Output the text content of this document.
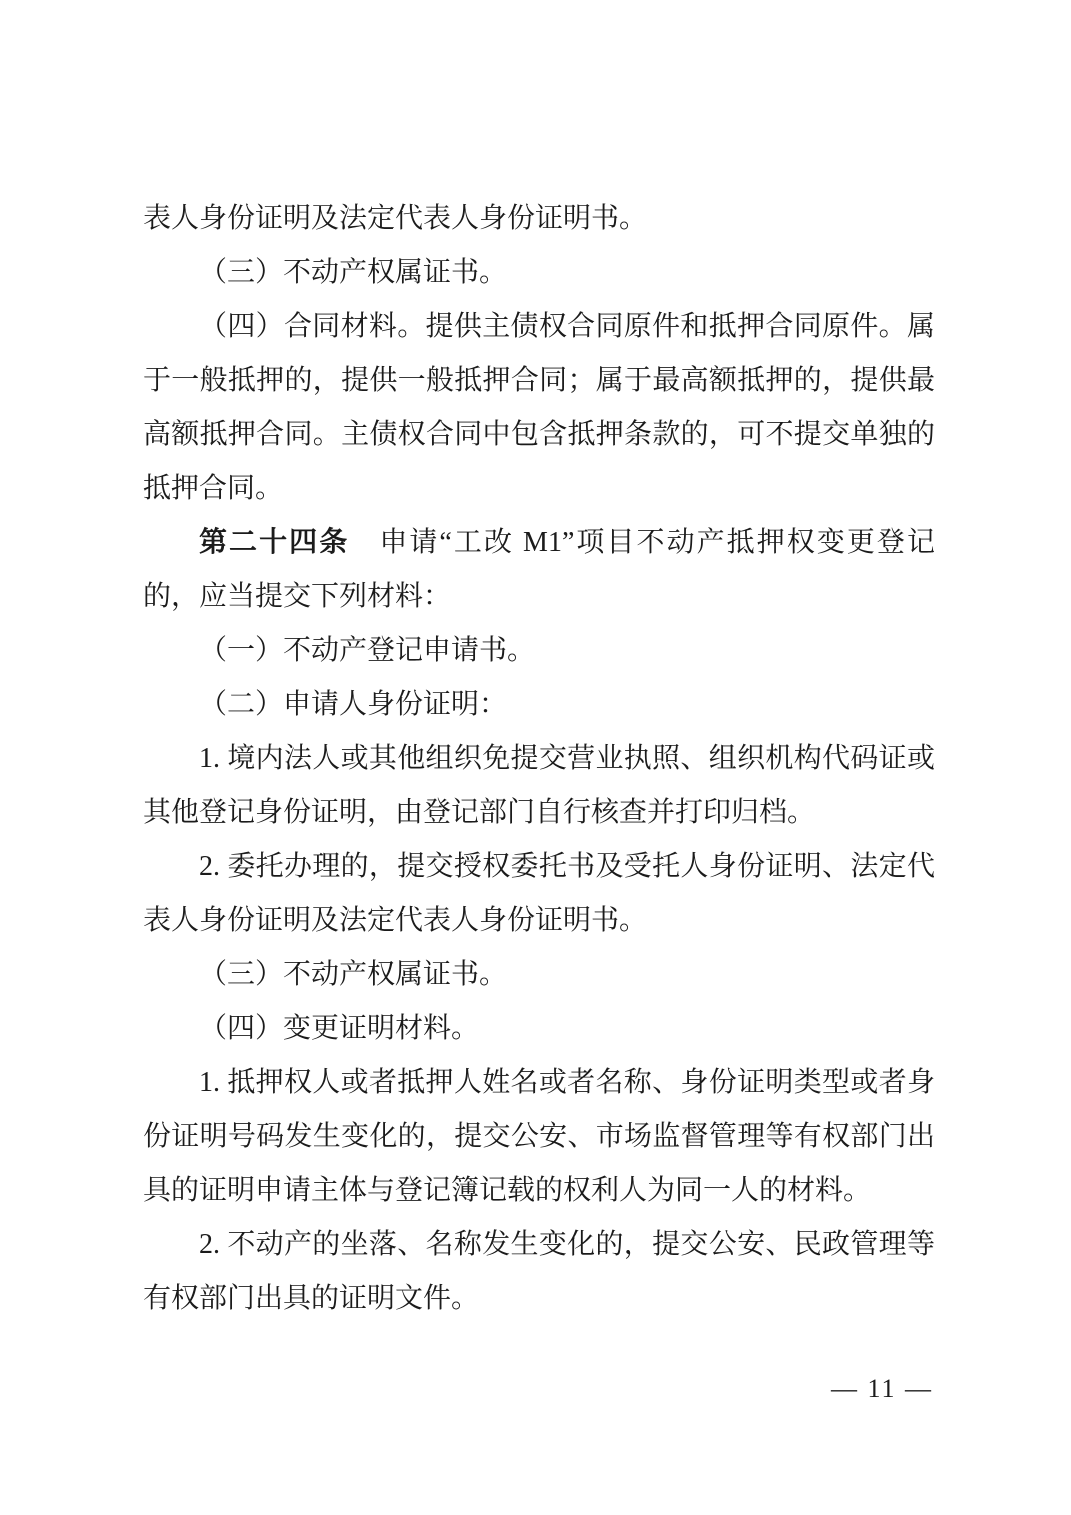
表人身份证明及法定代表人身份证明书。

（三）不动产权属证书。

（四）合同材料。提供主债权合同原件和抵押合同原件。属于一般抵押的，提供一般抵押合同；属于最高额抵押的，提供最高额抵押合同。主债权合同中包含抵押条款的，可不提交单独的抵押合同。

第二十四条　申请“工改 M1”项目不动产抵押权变更登记的，应当提交下列材料：

（一）不动产登记申请书。

（二）申请人身份证明：

1. 境内法人或其他组织免提交营业执照、组织机构代码证或其他登记身份证明，由登记部门自行核查并打印归档。

2. 委托办理的，提交授权委托书及受托人身份证明、法定代表人身份证明及法定代表人身份证明书。

（三）不动产权属证书。

（四）变更证明材料。

1. 抵押权人或者抵押人姓名或者名称、身份证明类型或者身份证明号码发生变化的，提交公安、市场监督管理等有权部门出具的证明申请主体与登记簿记载的权利人为同一人的材料。

2. 不动产的坐落、名称发生变化的，提交公安、民政管理等有权部门出具的证明文件。

— 11 —
